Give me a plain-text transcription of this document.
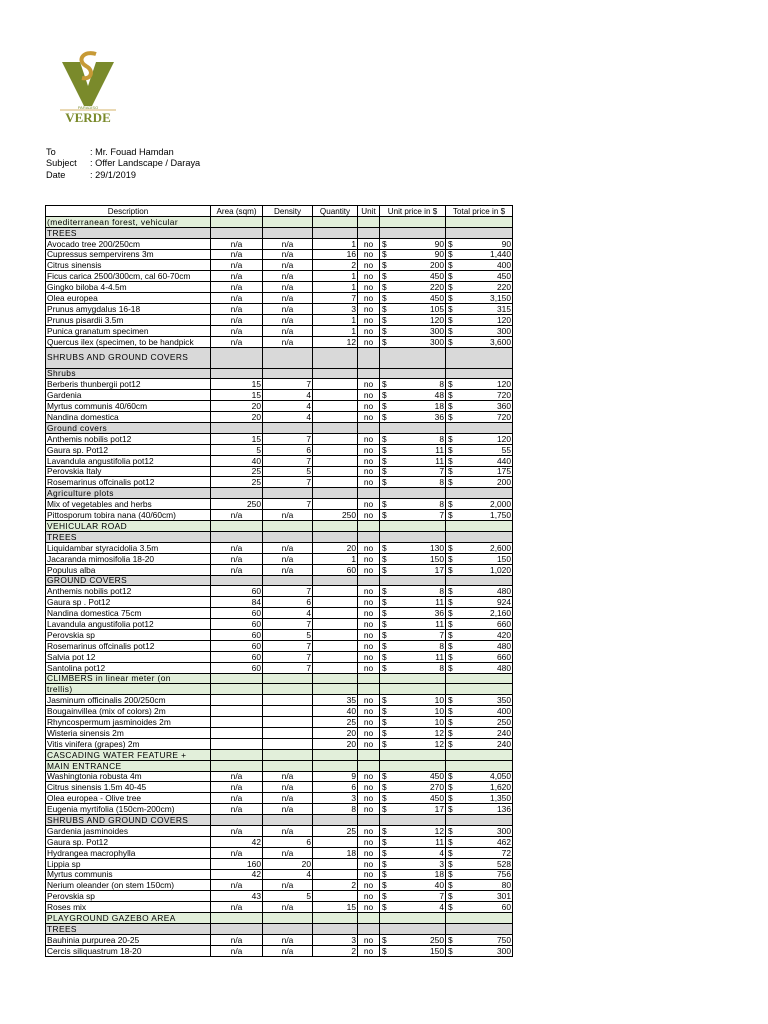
PARADISO
VERDE
To	: Mr. Fouad Hamdan
Subject	: Offer Landscape / Daraya
Date	: 29/1/2019
Description	Area (sqm)	Density	Quantity	Unit	Unit price in $	Total price in $
(mediterranean forest, vehicular						
TREES						
Avocado tree 200/250cm	n/a	n/a	1	no	$ 90	$ 90

Cupressus sempervirens 3m	n/a	n/a	16	no	$ 90	$ 1,440

Citrus sinensis	n/a	n/a	2	no	$ 200	$ 400

Ficus carica 2500/300cm, cal 60-70cm	n/a	n/a	1	no	$ 450	$ 450

Gingko biloba 4-4.5m	n/a	n/a	1	no	$ 220	$ 220

Olea europea	n/a	n/a	7	no	$ 450	$ 3,150

Prunus amygdalus 16-18	n/a	n/a	3	no	$ 105	$ 315

Prunus pisardii 3.5m	n/a	n/a	1	no	$ 120	$ 120

Punica granatum specimen	n/a	n/a	1	no	$ 300	$ 300

Quercus ilex (specimen, to be handpick	n/a	n/a	12	no	$ 300	$ 3,600

SHRUBS AND GROUND COVERS						
Shrubs						
Berberis thunbergii pot12	15	7		no	$ 8	$ 120

Gardenia	15	4		no	$ 48	$ 720

Myrtus communis 40/60cm	20	4		no	$ 18	$ 360

Nandina domestica	20	4		no	$ 36	$ 720

Ground covers						
Anthemis nobilis pot12	15	7		no	$ 8	$ 120

Gaura sp. Pot12	5	6		no	$ 11	$ 55

Lavandula angustifolia pot12	40	7		no	$ 11	$ 440

Perovskia Italy	25	5		no	$ 7	$ 175

Rosemarinus offcinalis pot12	25	7		no	$ 8	$ 200

Agriculture plots						
Mix of vegetables and herbs	250	7		no	$ 8	$ 2,000

Pittosporum tobira nana (40/60cm)	n/a	n/a	250	no	$ 7	$ 1,750

VEHICULAR ROAD						
TREES						
Liquidambar styracidolia 3.5m	n/a	n/a	20	no	$ 130	$ 2,600

Jacaranda mimosifolia 18-20	n/a	n/a	1	no	$ 150	$ 150

Populus alba	n/a	n/a	60	no	$ 17	$ 1,020

GROUND COVERS						
Anthemis nobilis pot12	60	7		no	$ 8	$ 480

Gaura sp . Pot12	84	6		no	$ 11	$ 924

Nandina domestica 75cm	60	4		no	$ 36	$ 2,160

Lavandula angustifolia pot12	60	7		no	$ 11	$ 660

Perovskia sp	60	5		no	$ 7	$ 420

Rosemarinus offcinalis pot12	60	7		no	$ 8	$ 480

Salvia pot 12	60	7		no	$ 11	$ 660

Santolina pot12	60	7		no	$ 8	$ 480

CLIMBERS in linear meter (on						
trellis)						
Jasminum officinalis 200/250cm			35	no	$ 10	$ 350

Bougainvillea (mix of colors) 2m			40	no	$ 10	$ 400

Rhyncospermum jasminoides 2m			25	no	$ 10	$ 250

Wisteria sinensis 2m			20	no	$ 12	$ 240

Vitis vinifera (grapes) 2m			20	no	$ 12	$ 240

CASCADING WATER FEATURE +						
MAIN ENTRANCE						
Washingtonia robusta 4m	n/a	n/a	9	no	$ 450	$ 4,050

Citrus sinensis 1.5m 40-45	n/a	n/a	6	no	$ 270	$ 1,620

Olea europea - Olive tree	n/a	n/a	3	no	$ 450	$ 1,350

Eugenia myrtifolia (150cm-200cm)	n/a	n/a	8	no	$ 17	$ 136

SHRUBS AND GROUND COVERS						
Gardenia jasminoides	n/a	n/a	25	no	$ 12	$ 300

Gaura sp. Pot12	42	6		no	$ 11	$ 462

Hydrangea macrophylla	n/a	n/a	18	no	$ 4	$ 72

Lippia sp	160	20		no	$ 3	$ 528

Myrtus communis	42	4		no	$ 18	$ 756

Nerium oleander (on stem 150cm)	n/a	n/a	2	no	$ 40	$ 80

Perovskia sp	43	5		no	$ 7	$ 301

Roses mix	n/a	n/a	15	no	$ 4	$ 60

PLAYGROUND GAZEBO AREA						
TREES						
Bauhinia purpurea 20-25	n/a	n/a	3	no	$ 250	$ 750

Cercis siliquastrum 18-20	n/a	n/a	2	no	$ 150	$ 300
